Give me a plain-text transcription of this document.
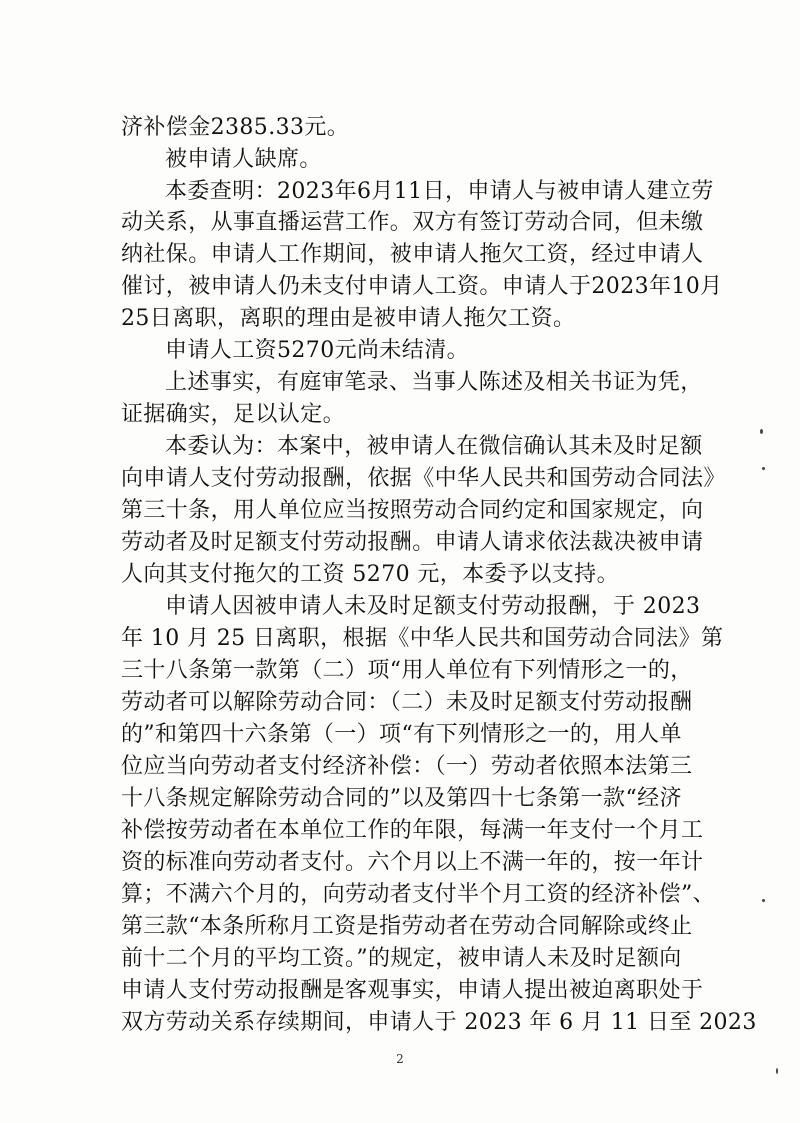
济补偿金2385.33元。
被申请人缺席。
本委查明：2023年6月11日，申请人与被申请人建立劳
动关系，从事直播运营工作。双方有签订劳动合同，但未缴
纳社保。申请人工作期间，被申请人拖欠工资，经过申请人
催讨，被申请人仍未支付申请人工资。申请人于2023年10月
25日离职，离职的理由是被申请人拖欠工资。
申请人工资5270元尚未结清。
上述事实，有庭审笔录、当事人陈述及相关书证为凭，
证据确实，足以认定。
本委认为：本案中，被申请人在微信确认其未及时足额
向申请人支付劳动报酬，依据《中华人民共和国劳动合同法》
第三十条，用人单位应当按照劳动合同约定和国家规定，向
劳动者及时足额支付劳动报酬。申请人请求依法裁决被申请
人向其支付拖欠的工资 5270 元，本委予以支持。
申请人因被申请人未及时足额支付劳动报酬，于 2023
年 10 月 25 日离职，根据《中华人民共和国劳动合同法》第
三十八条第一款第（二）项“用人单位有下列情形之一的，
劳动者可以解除劳动合同：（二）未及时足额支付劳动报酬
的”和第四十六条第（一）项“有下列情形之一的，用人单
位应当向劳动者支付经济补偿：（一）劳动者依照本法第三
十八条规定解除劳动合同的”以及第四十七条第一款“经济
补偿按劳动者在本单位工作的年限，每满一年支付一个月工
资的标准向劳动者支付。六个月以上不满一年的，按一年计
算；不满六个月的，向劳动者支付半个月工资的经济补偿”、
第三款“本条所称月工资是指劳动者在劳动合同解除或终止
前十二个月的平均工资。”的规定，被申请人未及时足额向
申请人支付劳动报酬是客观事实，申请人提出被迫离职处于
双方劳动关系存续期间，申请人于 2023 年 6 月 11 日至 2023
2
